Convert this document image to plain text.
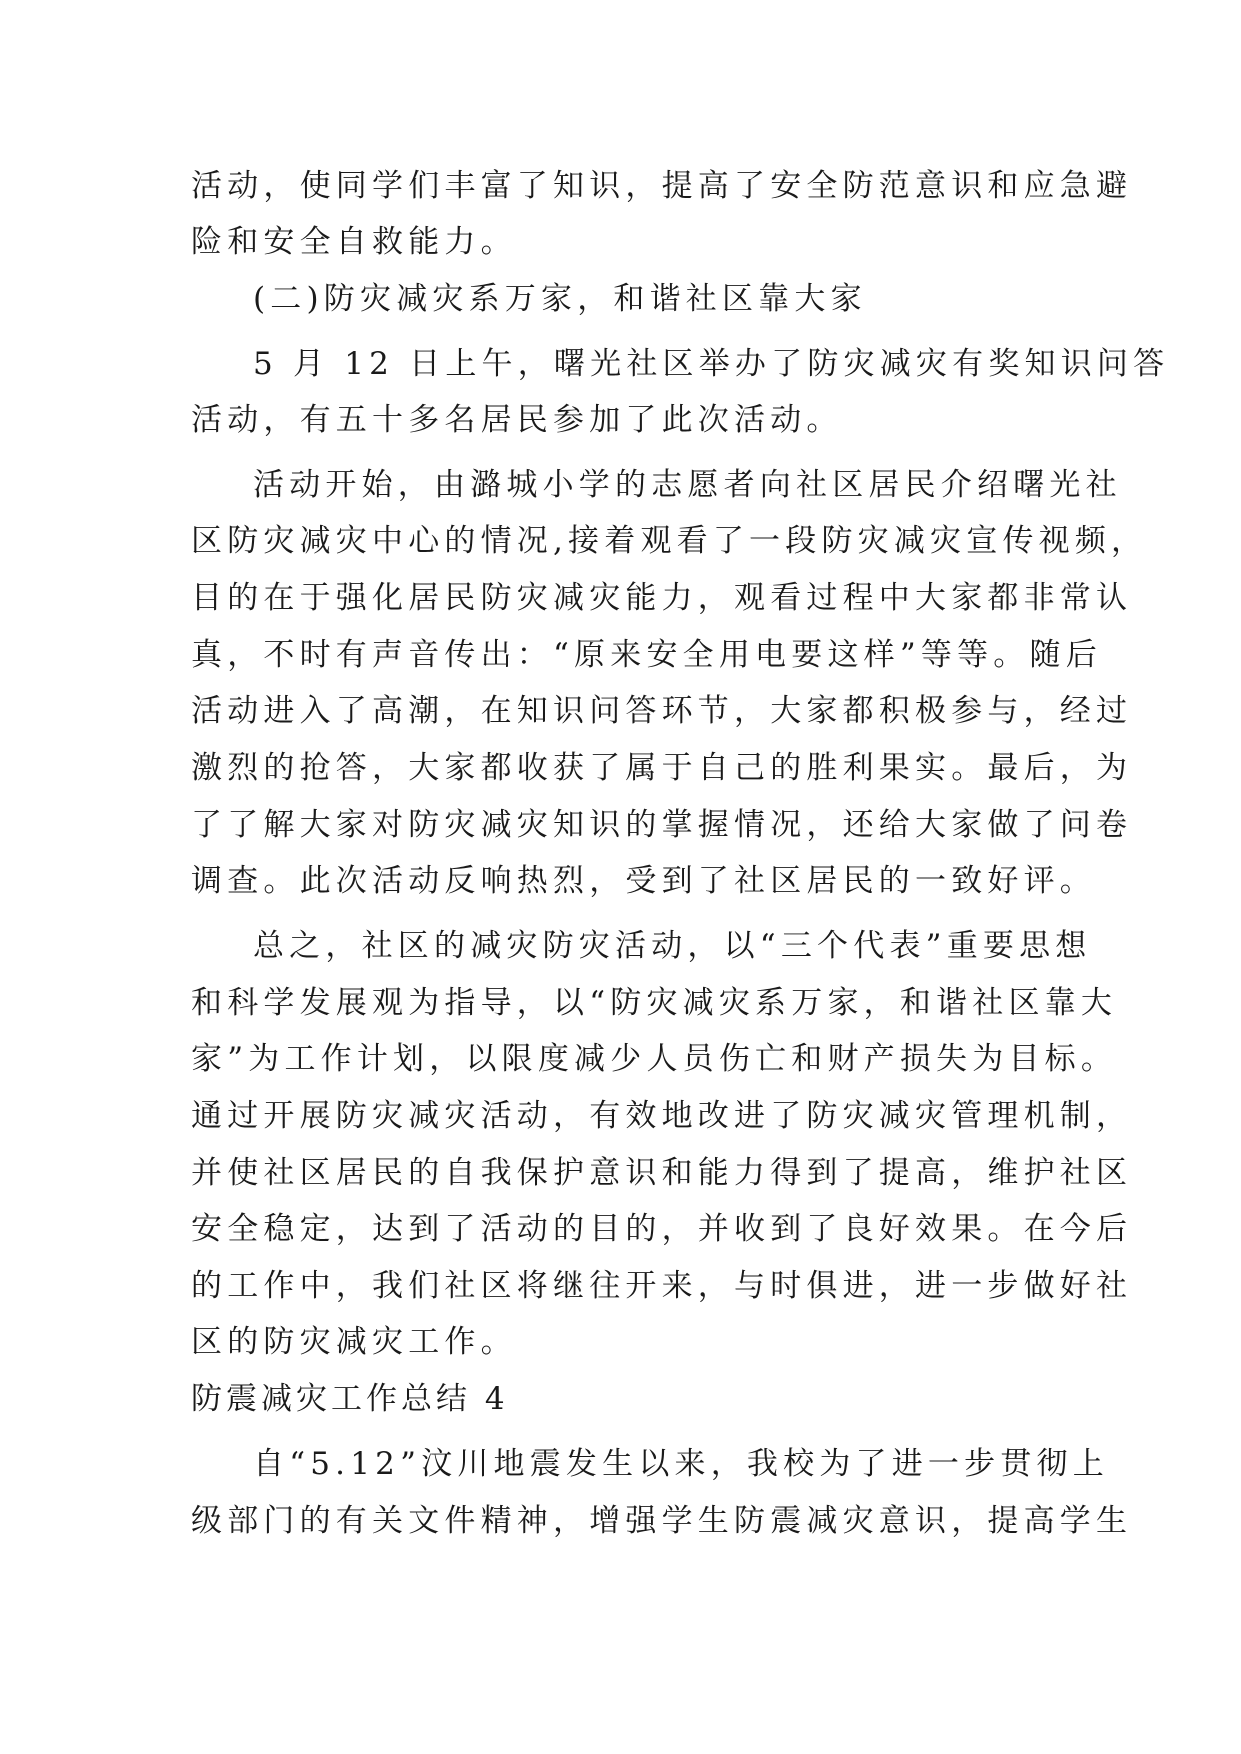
活动，使同学们丰富了知识，提高了安全防范意识和应急避
险和安全自救能力。
(二)防灾减灾系万家，和谐社区靠大家
5 月 12 日上午，曙光社区举办了防灾减灾有奖知识问答
活动，有五十多名居民参加了此次活动。
活动开始，由潞城小学的志愿者向社区居民介绍曙光社
区防灾减灾中心的情况,接着观看了一段防灾减灾宣传视频，
目的在于强化居民防灾减灾能力，观看过程中大家都非常认
真，不时有声音传出：“原来安全用电要这样”等等。随后
活动进入了高潮，在知识问答环节，大家都积极参与，经过
激烈的抢答，大家都收获了属于自己的胜利果实。最后，为
了了解大家对防灾减灾知识的掌握情况，还给大家做了问卷
调查。此次活动反响热烈，受到了社区居民的一致好评。
总之，社区的减灾防灾活动，以“三个代表”重要思想
和科学发展观为指导，以“防灾减灾系万家，和谐社区靠大
家”为工作计划，以限度减少人员伤亡和财产损失为目标。
通过开展防灾减灾活动，有效地改进了防灾减灾管理机制，
并使社区居民的自我保护意识和能力得到了提高，维护社区
安全稳定，达到了活动的目的，并收到了良好效果。在今后
的工作中，我们社区将继往开来，与时俱进，进一步做好社
区的防灾减灾工作。
防震减灾工作总结 4
自“5.12”汶川地震发生以来，我校为了进一步贯彻上
级部门的有关文件精神，增强学生防震减灾意识，提高学生
